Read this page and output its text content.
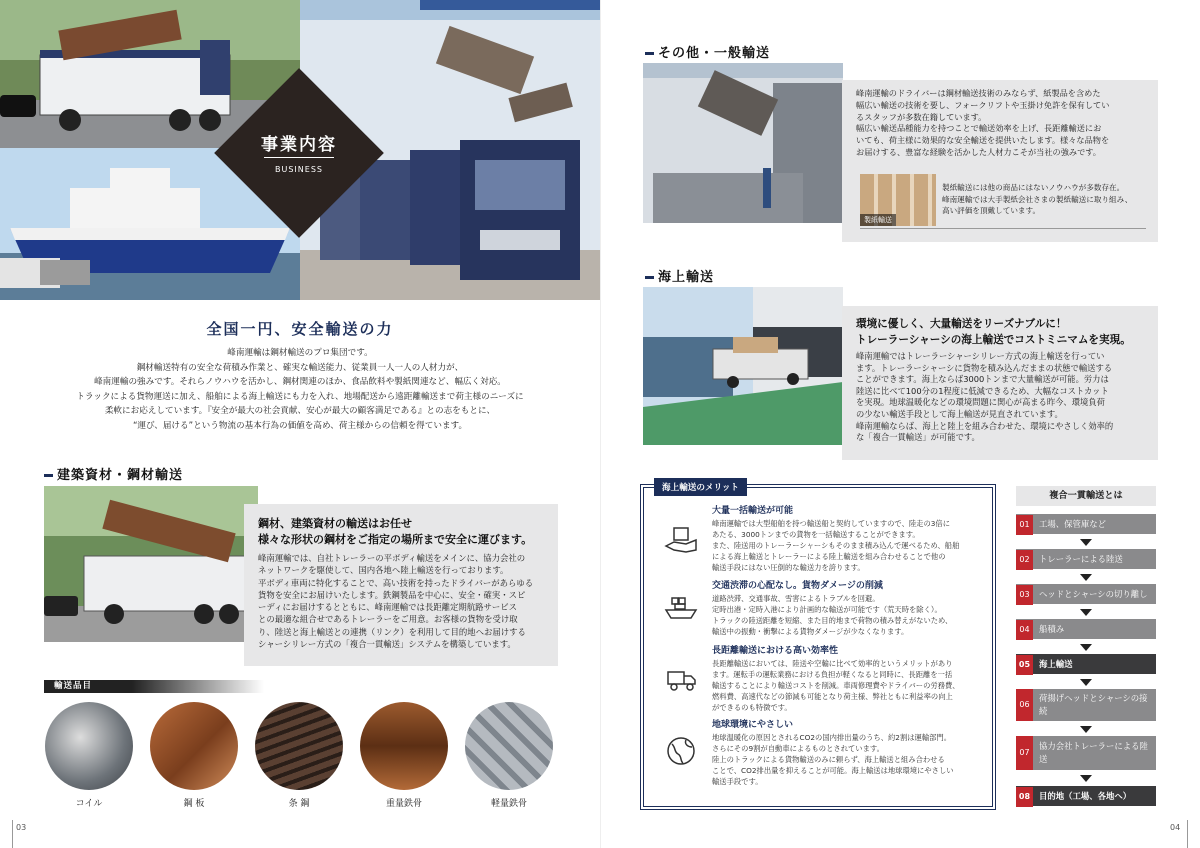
事業内容
BUSINESS
全国一円、安全輸送の力
峰南運輸は鋼材輸送のプロ集団です。
鋼材輸送特有の安全な荷積み作業と、確実な輸送能力、従業員一人一人の人材力が、
峰南運輸の強みです。それらノウハウを活かし、鋼材関連のほか、食品飲料や製紙関連など、幅広く対応。
トラックによる貨物運送に加え、船舶による海上輸送にも力を入れ、地場配送から遠距離輸送まで荷主様のニーズに
柔軟にお応えしています。『安全が最大の社会貢献、安心が最大の顧客満足である』との志をもとに、
“運び、届ける”という物流の基本行為の価値を高め、荷主様からの信頼を得ています。
建築資材・鋼材輸送
鋼材、建築資材の輸送はお任せ
様々な形状の鋼材をご指定の場所まで安全に運びます。
峰南運輸では、自社トレーラーの平ボディ輸送をメインに、協力会社の
ネットワークを駆使して、国内各地へ陸上輸送を行っております。
平ボディ車両に特化することで、高い技術を持ったドライバーがあらゆる
貨物を安全にお届けいたします。鉄鋼製品を中心に、安全・確実・スピ
ーディにお届けするとともに、峰南運輸では長距離定期航路サービス
との最適な組合せであるトレーラーをご用意。お客様の貨物を受け取
り、陸送と海上輸送との連携（リンク）を利用して目的地へお届けする
シャーシリレー方式の「複合一貫輸送」システムを構築しています。
輸送品目
コイル	鋼 板	条 鋼	重量鉄骨	軽量鉄骨
03	04
その他・一般輸送
峰南運輸のドライバーは鋼材輸送技術のみならず、紙製品を含めた
幅広い輸送の技術を要し、フォークリフトや玉掛け免許を保有してい
るスタッフが多数在籍しています。
幅広い輸送品種能力を持つことで輸送効率を上げ、長距離輸送にお
いても、荷主様に効果的な安全輸送を提供いたします。様々な品物を
お届けする、豊富な経験を活かした人材力こそが当社の強みです。
製紙輸送
製紙輸送には他の商品にはないノウハウが多数存在。
峰南運輸では大手製紙会社さまの製紙輸送に取り組み、
高い評価を頂戴しています。
海上輸送
環境に優しく、大量輸送をリーズナブルに！
トレーラーシャーシの海上輸送でコストミニマムを実現。
峰南運輸ではトレーラーシャーシリレー方式の海上輸送を行ってい
ます。トレーラーシャーシに貨物を積み込んだままの状態で輸送する
ことができます。海上ならば3000トンまで大量輸送が可能。労力は
陸送に比べて100分の1程度に低減できるため、大幅なコストカット
を実現。地球温暖化などの環境問題に関心が高まる昨今、環境負荷
の少ない輸送手段として海上輸送が見直されています。
峰南運輸ならば、海上と陸上を組み合わせた、環境にやさしく効率的
な「複合一貫輸送」が可能です。
海上輸送のメリット
大量一括輸送が可能
峰南運輸では大型船舶を持つ輸送船と契約していますので、陸走の3倍に
あたる、3000トンまでの貨物を一括輸送することができます。
また、陸送用のトレーラーシャーシもそのまま積み込んで運べるため、船舶
による海上輸送とトレーラーによる陸上輸送を組み合わせることで他の
輸送手段にはない圧倒的な輸送力を誇ります。
交通渋滞の心配なし。貨物ダメージの削減
道路渋滞、交通事故、雪害によるトラブルを回避。
定時出港・定時入港により計画的な輸送が可能です（荒天時を除く）。
トラックの陸送距離を短縮、また目的地まで荷物の積み替えがないため、
輸送中の振動・衝撃による貨物ダメージが少なくなります。
長距離輸送における高い効率性
長距離輸送においては、陸送や空輸に比べて効率的というメリットがあり
ます。運転手の運転業務における負担が軽くなると同時に、長距離を一括
輸送することにより輸送コストを削減。車両修理費やドライバーの労務費、
燃料費、高速代などの節減も可能となり荷主様、弊社ともに利益率の向上
ができるのも特徴です。
地球環境にやさしい
地球温暖化の原因とされるCO2の国内排出量のうち、約2割は運輸部門。
さらにその9割が自動車によるものとされています。
陸上のトラックによる貨物輸送のみに頼らず、海上輸送と組み合わせる
ことで、CO2排出量を抑えることが可能。海上輸送は地球環境にやさしい
輸送手段です。
複合一貫輸送とは
01 工場、保管庫など
02 トレーラーによる陸送
03 ヘッドとシャーシの切り離し
04 船積み
05 海上輸送
06
荷揚げヘッドとシャーシの接続
07
協力会社トレーラーによる陸送
08 目的地（工場、各地へ）
